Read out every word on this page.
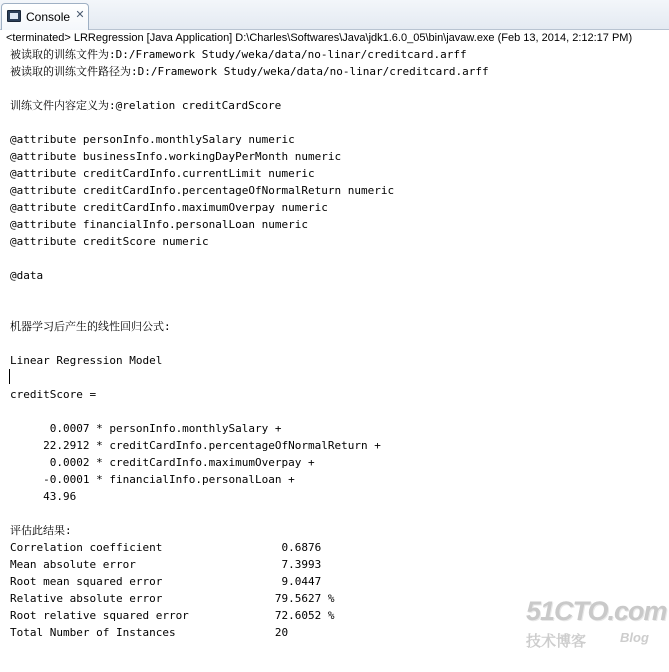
Console ✕
<terminated> LRRegression [Java Application] D:\Charles\Softwares\Java\jdk1.6.0_05\bin\javaw.exe (Feb 13, 2014, 2:12:17 PM)
被读取的训练文件为:D:/Framework Study/weka/data/no-linar/creditcard.arff
被读取的训练文件路径为:D:/Framework Study/weka/data/no-linar/creditcard.arff
训练文件内容定义为:@relation creditCardScore
@attribute personInfo.monthlySalary numeric
@attribute businessInfo.workingDayPerMonth numeric
@attribute creditCardInfo.currentLimit numeric
@attribute creditCardInfo.percentageOfNormalReturn numeric
@attribute creditCardInfo.maximumOverpay numeric
@attribute financialInfo.personalLoan numeric
@attribute creditScore numeric
@data
机器学习后产生的线性回归公式:
Linear Regression Model
creditScore =
0.0007 * personInfo.monthlySalary +
22.2912 * creditCardInfo.percentageOfNormalReturn +
0.0002 * creditCardInfo.maximumOverpay +
-0.0001 * financialInfo.personalLoan +
43.96
评估此结果:
Correlation coefficient                  0.6876
Mean absolute error                      7.3993
Root mean squared error                  9.0447
Relative absolute error                 79.5627 %
Root relative squared error             72.6052 %
Total Number of Instances               20
51CTO.com
技术博客	Blog
